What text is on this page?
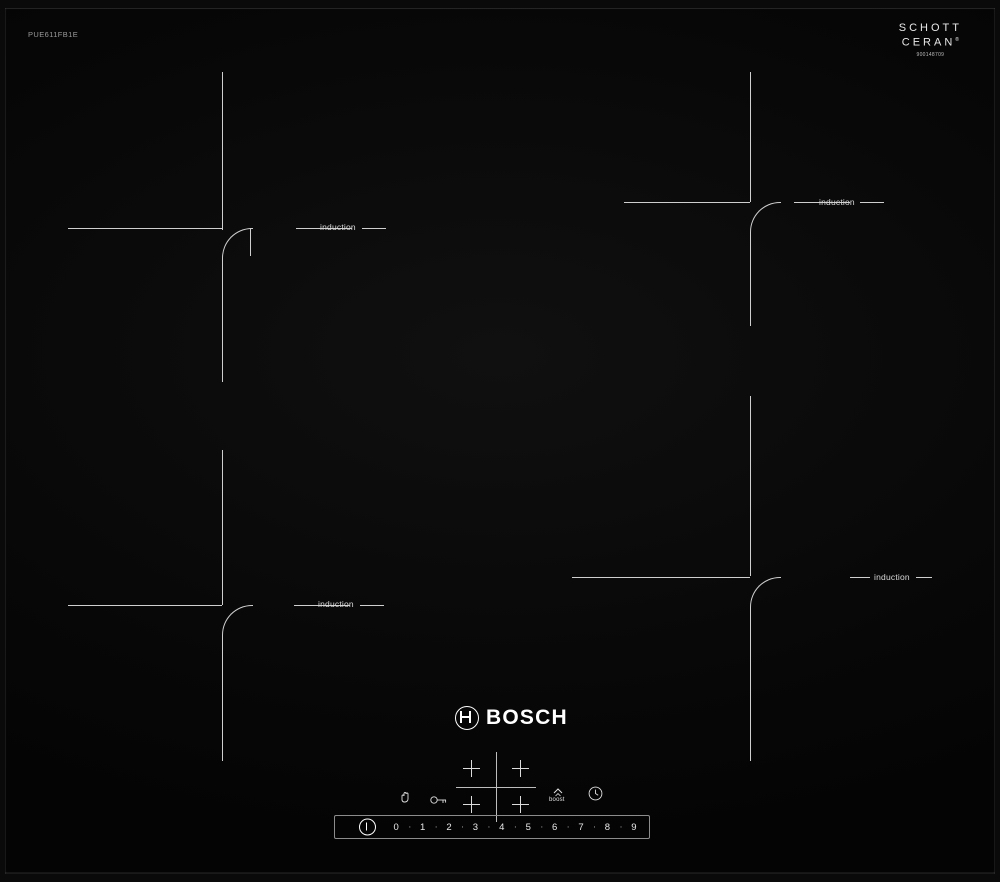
PUE611FB1E
SCHOTT
CERAN®
900148709
induction
induction
induction
induction
BOSCH
boost
0 ·	1 ·	2 ·	3 ·	4 ·	5 ·	6 ·	7 ·	8 ·	9
